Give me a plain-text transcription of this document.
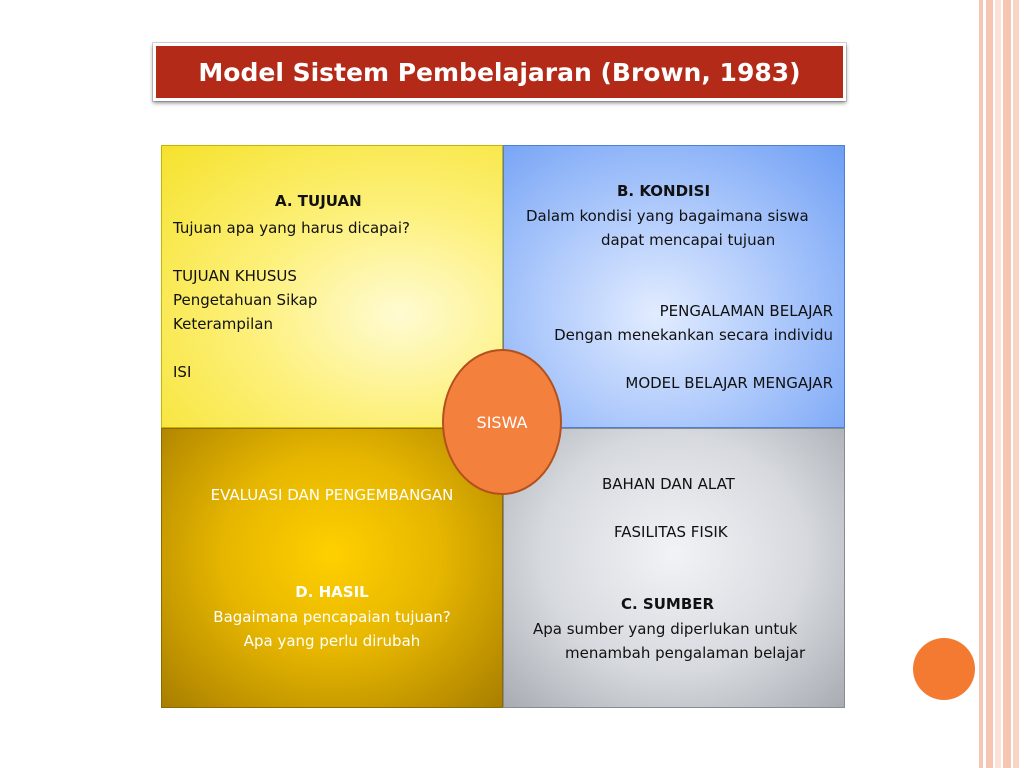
Model Sistem Pembelajaran (Brown, 1983)
A. TUJUAN
Tujuan apa yang harus dicapai?
TUJUAN KHUSUS
Pengetahuan Sikap
Keterampilan
ISI
B. KONDISI
Dalam kondisi yang bagaimana siswa
dapat mencapai tujuan
PENGALAMAN BELAJAR
Dengan menekankan secara individu
MODEL BELAJAR MENGAJAR
EVALUASI DAN PENGEMBANGAN
D. HASIL
Bagaimana pencapaian tujuan?
Apa yang perlu dirubah
BAHAN DAN ALAT
FASILITAS FISIK
C. SUMBER
Apa sumber yang diperlukan untuk
menambah pengalaman belajar
SISWA
